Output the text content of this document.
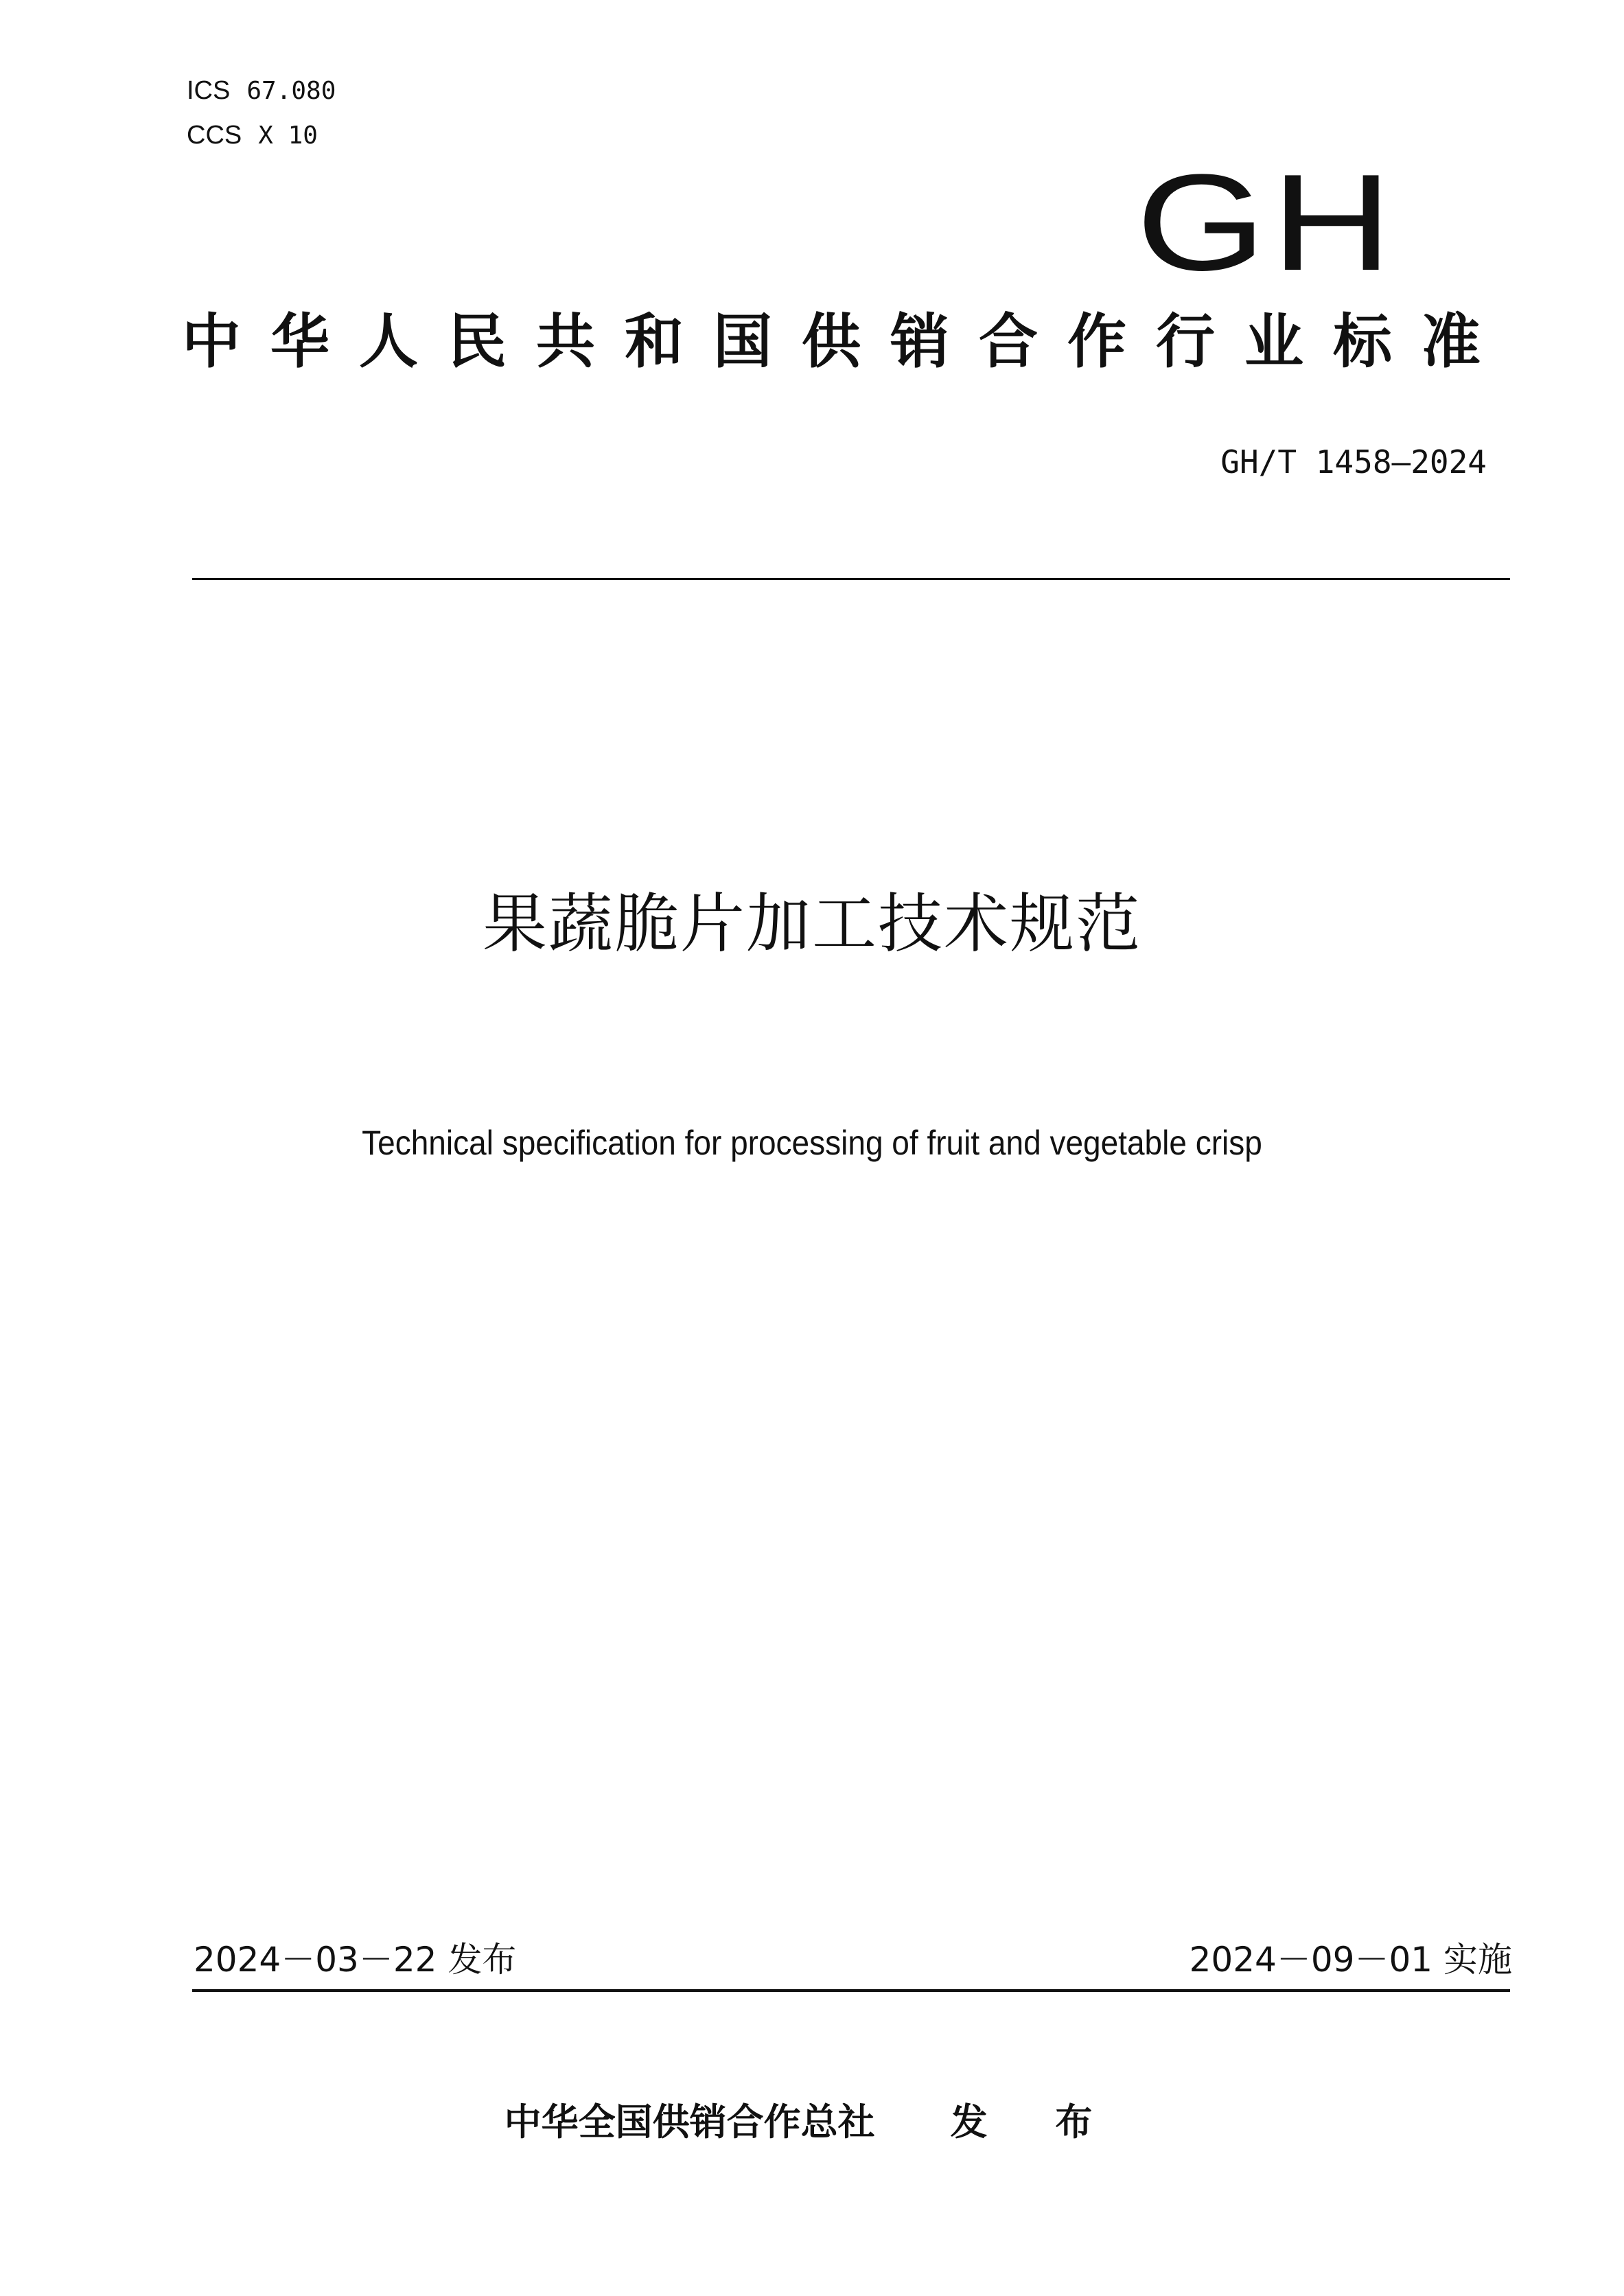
ICS 67.080
CCS X 10
GH
中华人民共和国供销合作行业标准
GH/T 1458—2024
果蔬脆片加工技术规范
Technical specification for processing of fruit and vegetable crisp
2024－03－22 发布	2024－09－01 实施
中华全国供销合作总社 发 布
